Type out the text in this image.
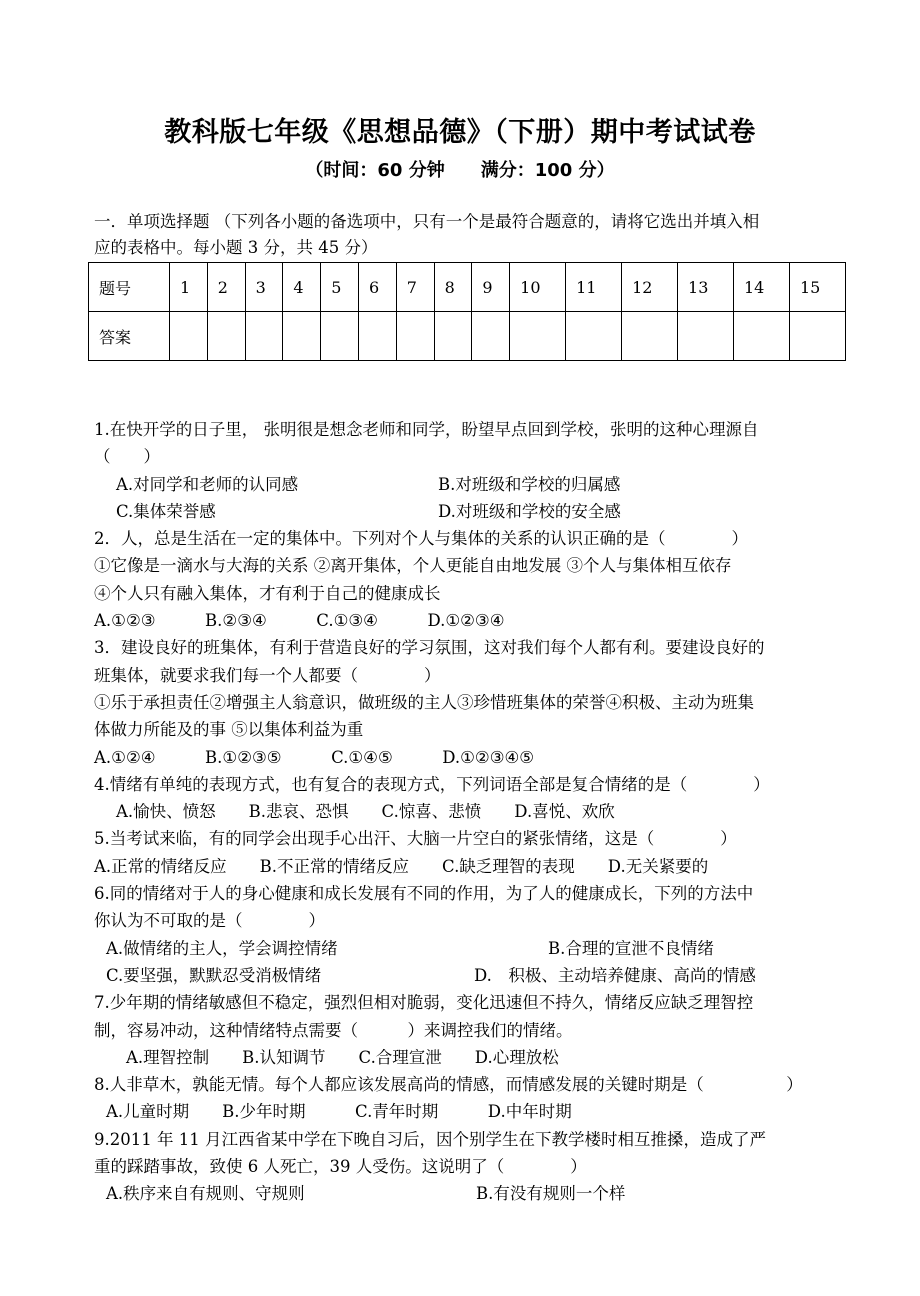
教科版七年级《思想品德》（下册）期中考试试卷
（时间：60 分钟 满分：100 分）
一．单项选择题 （下列各小题的备选项中，只有一个是最符合题意的，请将它选出并填入相
应的表格中。每小题 3 分，共 45 分）
题号	1	2	3	4	5	6	7	8	9	10	11	12	13	14	15
答案															
1.在快开学的日子里， 张明很是想念老师和同学，盼望早点回到学校，张明的这种心理源自
（　　）
A.对同学和老师的认同感	B.对班级和学校的归属感
C.集体荣誉感	D.对班级和学校的安全感
2．人，总是生活在一定的集体中。下列对个人与集体的关系的认识正确的是（　　　　）
①它像是一滴水与大海的关系 ②离开集体，个人更能自由地发展 ③个人与集体相互依存
④个人只有融入集体，才有利于自己的健康成长
A.①②③　　　B.②③④　　　C.①③④　　　D.①②③④
3．建设良好的班集体，有利于营造良好的学习氛围，这对我们每个人都有利。要建设良好的
班集体，就要求我们每一个人都要（　　　　）
①乐于承担责任②增强主人翁意识，做班级的主人③珍惜班集体的荣誉④积极、主动为班集
体做力所能及的事 ⑤以集体利益为重
A.①②④　　　B.①②③⑤　　　C.①④⑤　　　D.①②③④⑤
4.情绪有单纯的表现方式，也有复合的表现方式，下列词语全部是复合情绪的是（　　　　）
A.愉快、愤怒　　B.悲哀、恐惧　　C.惊喜、悲愤　　D.喜悦、欢欣
5.当考试来临，有的同学会出现手心出汗、大脑一片空白的紧张情绪，这是（　　　　）
A.正常的情绪反应　　B.不正常的情绪反应　　C.缺乏理智的表现　　D.无关紧要的
6.同的情绪对于人的身心健康和成长发展有不同的作用，为了人的健康成长，下列的方法中
你认为不可取的是（　　　　）
A.做情绪的主人，学会调控情绪	B.合理的宣泄不良情绪
C.要坚强，默默忍受消极情绪	D.　积极、主动培养健康、高尚的情感
7.少年期的情绪敏感但不稳定，强烈但相对脆弱，变化迅速但不持久，情绪反应缺乏理智控
制，容易冲动，这种情绪特点需要（　　　）来调控我们的情绪。
A.理智控制　　B.认知调节　　C.合理宣泄　　D.心理放松
8.人非草木，孰能无情。每个人都应该发展高尚的情感，而情感发展的关键时期是（　　　　　）
A.儿童时期　　B.少年时期　　　C.青年时期　　　D.中年时期
9.2011 年 11 月江西省某中学在下晚自习后，因个别学生在下教学楼时相互推搡，造成了严
重的踩踏事故，致使 6 人死亡，39 人受伤。这说明了（　　　　）
A.秩序来自有规则、守规则	B.有没有规则一个样
